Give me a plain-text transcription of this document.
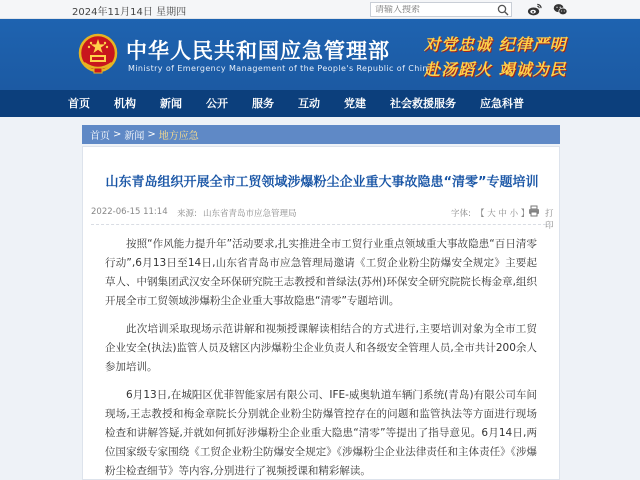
2024年11月14日 星期四
请输入搜索
中华人民共和国应急管理部
Ministry of Emergency Management of the People's Republic of China
对党忠诚 纪律严明
赴汤蹈火 竭诚为民
首页 机构 新闻 公开 服务 互动 党建 社会救援服务 应急科普
首页 > 新闻 > 地方应急
山东青岛组织开展全市工贸领域涉爆粉尘企业重大事故隐患“清零”专题培训
2022-06-15 11:14 来源: 山东省青岛市应急管理局	字体: 【 大 中 小 】 打印

按照“作风能力提升年”活动要求,扎实推进全市工贸行业重点领域重大事故隐患“百日清零行动”,6月13日至14日,山东省青岛市应急管理局邀请《工贸企业粉尘防爆安全规定》主要起草人、中钢集团武汉安全环保研究院王志教授和普绿法(苏州)环保安全研究院院长梅金章,组织开展全市工贸领域涉爆粉尘企业重大事故隐患“清零”专题培训。

此次培训采取现场示范讲解和视频授课解读相结合的方式进行,主要培训对象为全市工贸企业安全(执法)监管人员及辖区内涉爆粉尘企业负责人和各级安全管理人员,全市共计200余人参加培训。

6月13日,在城阳区优菲智能家居有限公司、IFE-威奥轨道车辆门系统(青岛)有限公司车间现场,王志教授和梅金章院长分别就企业粉尘防爆管控存在的问题和监管执法等方面进行现场检查和讲解答疑,并就如何抓好涉爆粉尘企业重大隐患“清零”等提出了指导意见。6月14日,两位国家级专家围绕《工贸企业粉尘防爆安全规定》《涉爆粉尘企业法律责任和主体责任》《涉爆粉尘检查细节》等内容,分别进行了视频授课和精彩解读。
